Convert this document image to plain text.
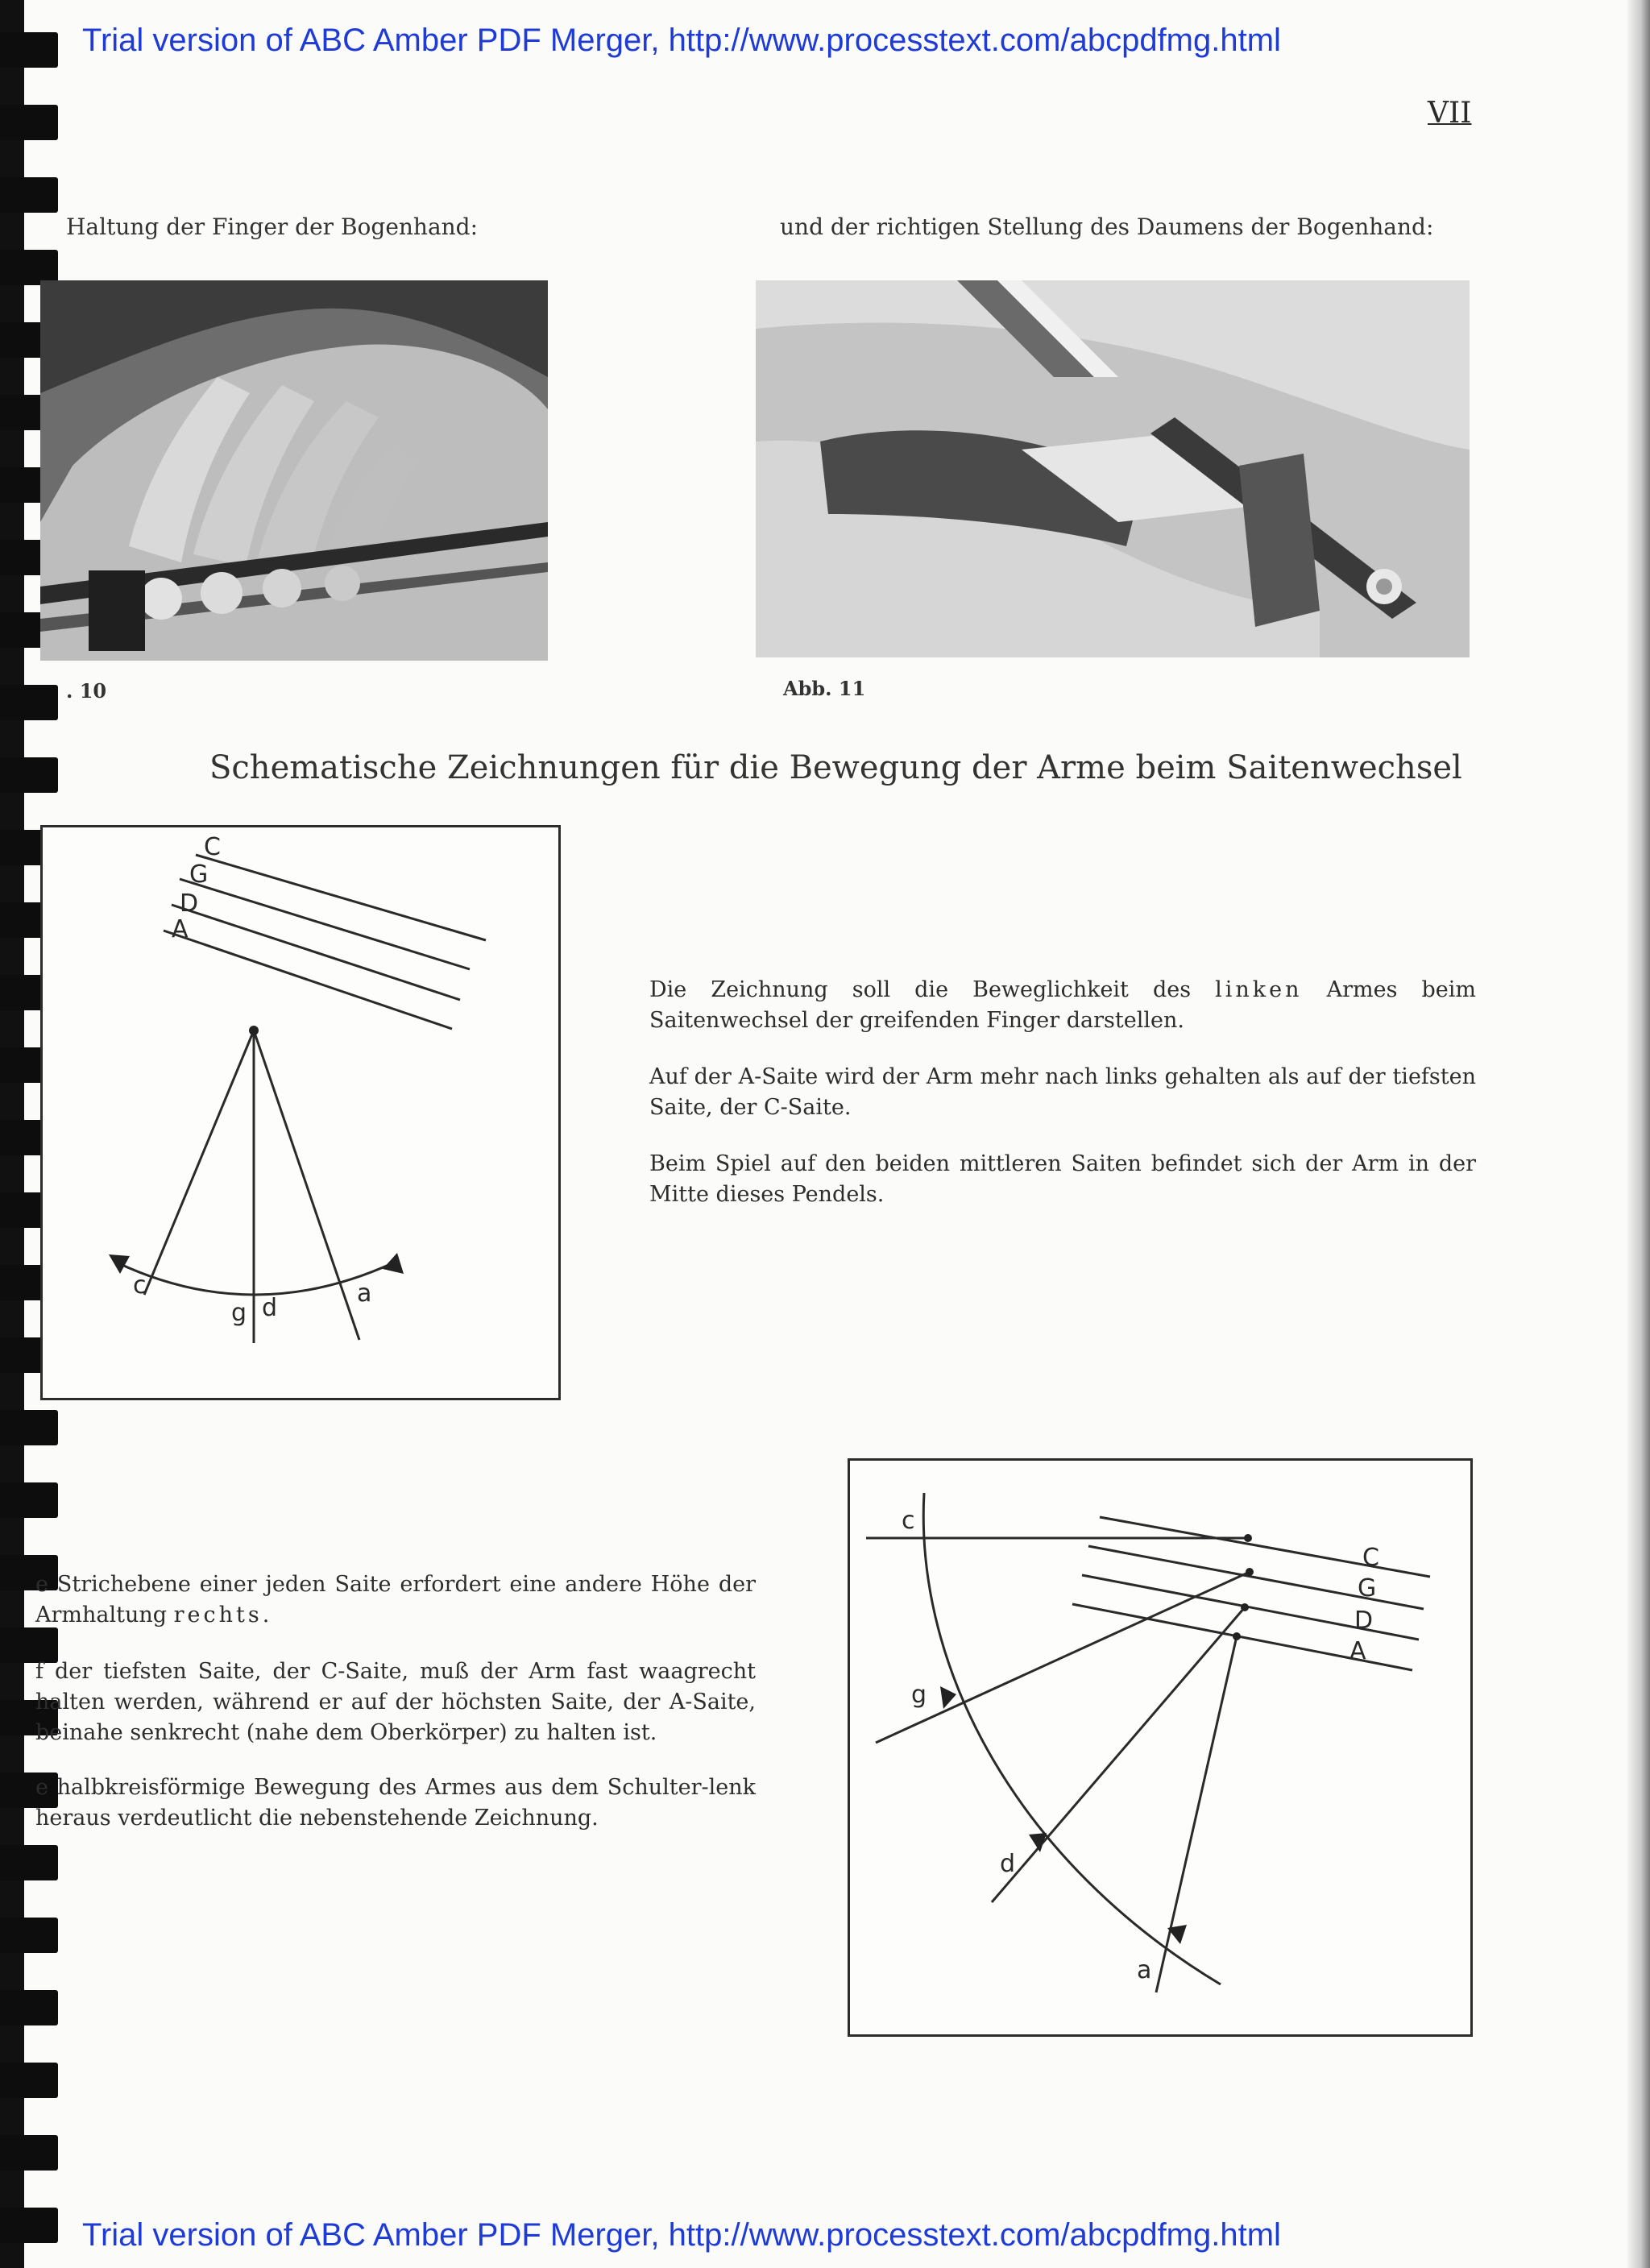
Trial version of ABC Amber PDF Merger, http://www.processtext.com/abcpdfmg.html
Trial version of ABC Amber PDF Merger, http://www.processtext.com/abcpdfmg.html
VII
Haltung der Finger der Bogenhand:	und der richtigen Stellung des Daumens der Bogenhand:
. 10	Abb. 11
Schematische Zeichnungen für die Bewegung der Arme beim Saitenwechsel
C
G
D
A
c
g d
a

Die Zeichnung soll die Beweglichkeit des linken Armes beim Saitenwechsel der greifenden Finger darstellen.

Auf der A-Saite wird der Arm mehr nach links gehalten als auf der tiefsten Saite, der C-Saite.

Beim Spiel auf den beiden mittleren Saiten befindet sich der Arm in der Mitte dieses Pendels.

e Strichebene einer jeden Saite erfordert eine andere Höhe der Armhaltung rechts.

f der tiefsten Saite, der C-Saite, muß der Arm fast waagrecht halten werden, während er auf der höchsten Saite, der A-Saite, beinahe senkrecht (nahe dem Oberkörper) zu halten ist.

e halbkreisförmige Bewegung des Armes aus dem Schulter-lenk heraus verdeutlicht die nebenstehende Zeichnung.

C
G
D
A
c
g
d
a
